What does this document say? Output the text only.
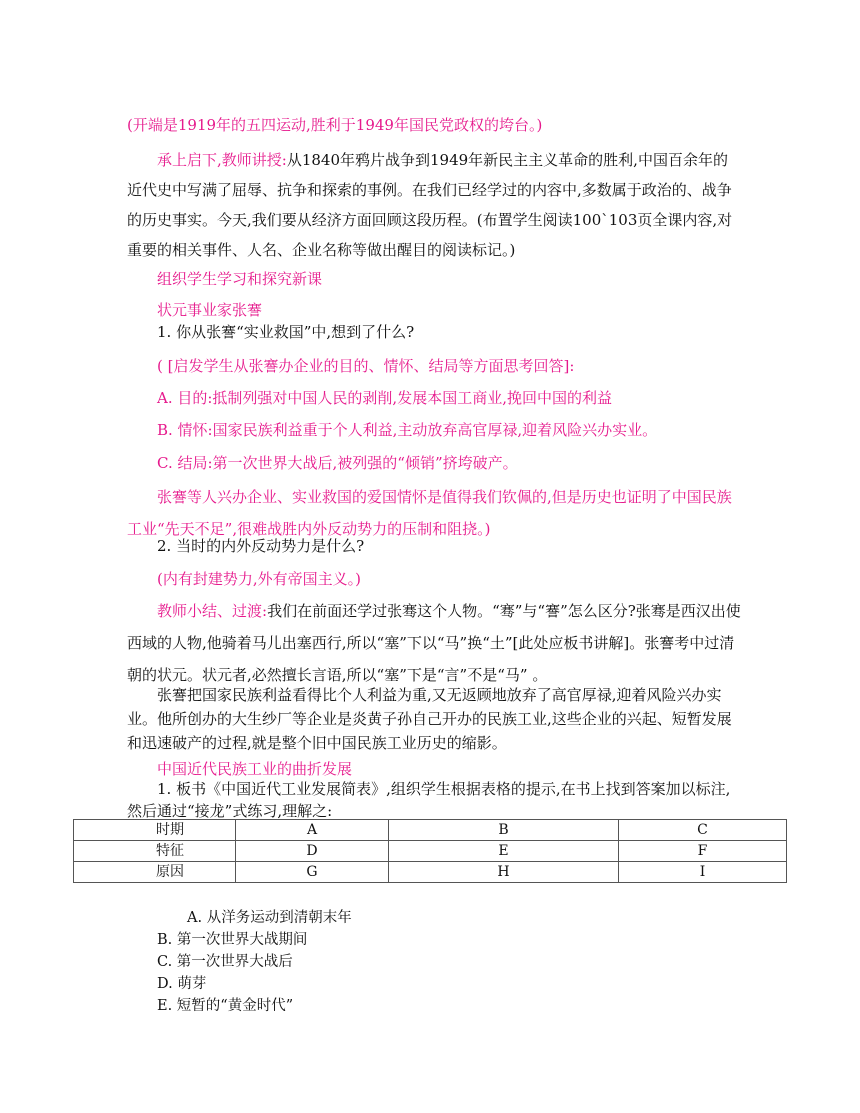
(开端是1919年的五四运动,胜利于1949年国民党政权的垮台。)

承上启下,教师讲授:从1840年鸦片战争到1949年新民主主义革命的胜利,中国百余年的近代史中写满了屈辱、抗争和探索的事例。在我们已经学过的内容中,多数属于政治的、战争的历史事实。今天,我们要从经济方面回顾这段历程。(布置学生阅读100`103页全课内容,对重要的相关事件、人名、企业名称等做出醒目的阅读标记。)

组织学生学习和探究新课

状元事业家张謇

1. 你从张謇“实业救国”中,想到了什么?

( [启发学生从张謇办企业的目的、情怀、结局等方面思考回答]:

A. 目的:抵制列强对中国人民的剥削,发展本国工商业,挽回中国的利益

B. 情怀:国家民族利益重于个人利益,主动放弃高官厚禄,迎着风险兴办实业。

C. 结局:第一次世界大战后,被列强的“倾销”挤垮破产。

张謇等人兴办企业、实业救国的爱国情怀是值得我们钦佩的,但是历史也证明了中国民族工业“先天不足”,很难战胜内外反动势力的压制和阻挠。)

2. 当时的内外反动势力是什么?

(内有封建势力,外有帝国主义。)

教师小结、过渡:我们在前面还学过张骞这个人物。“骞”与“謇”怎么区分?张骞是西汉出使西域的人物,他骑着马儿出塞西行,所以“塞”下以“马”换“土”[此处应板书讲解]。张謇考中过清朝的状元。状元者,必然擅长言语,所以“塞”下是“言”不是“马” 。

张謇把国家民族利益看得比个人利益为重,又无返顾地放弃了高官厚禄,迎着风险兴办实业。他所创办的大生纱厂等企业是炎黄子孙自己开办的民族工业,这些企业的兴起、短暂发展和迅速破产的过程,就是整个旧中国民族工业历史的缩影。

中国近代民族工业的曲折发展

1. 板书《中国近代工业发展简表》,组织学生根据表格的提示,在书上找到答案加以标注,然后通过“接龙”式练习,理解之:

时期	A	B	C
特征	D	E	F
原因	G	H	I

A. 从洋务运动到清朝末年

B. 第一次世界大战期间

C. 第一次世界大战后

D. 萌芽

E. 短暂的“黄金时代”
